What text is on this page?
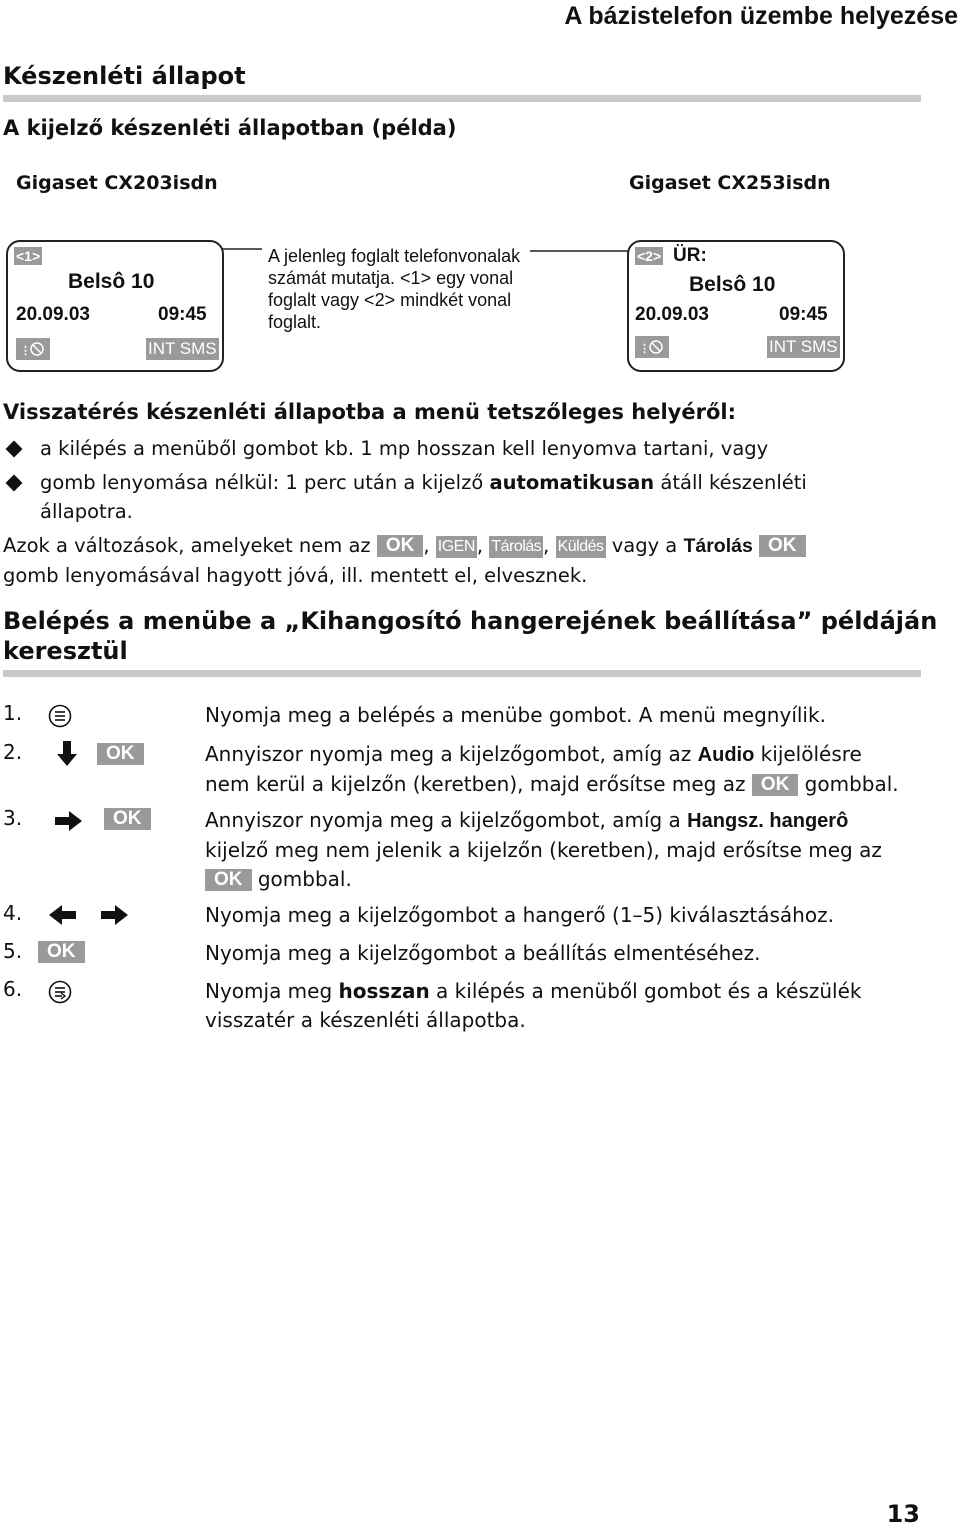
A bázistelefon üzembe helyezése
Készenléti állapot
A kijelző készenléti állapotban (példa)
Gigaset CX203isdn	Gigaset CX253isdn
<1>
Belsô 10
20.09.03	09:45
⋮	INT SMS
A jelenleg foglalt telefonvonalak
számát mutatja. <1> egy vonal
foglalt vagy <2> mindkét vonal
foglalt.
<2> ÜR:
Belsô 10
20.09.03	09:45
⋮	INT SMS
Visszatérés készenléti állapotba a menü tetszőleges helyéről:
a kilépés a menüből gombot kb. 1 mp hosszan kell lenyomva tartani, vagy
gomb lenyomása nélkül: 1 perc után a kijelző automatikusan átáll készenléti
állapotra.
Azok a változások, amelyeket nem az OK , IGEN , Tárolás , Küldés vagy a Tárolás OK
gomb lenyomásával hagyott jóvá, ill. mentett el, elvesznek.
Belépés a menübe a „Kihangosító hangerejének beállítása” példáján
keresztül
1.	Nyomja meg a belépés a menübe gombot. A menü megnyílik.
2.	OK	Annyiszor nyomja meg a kijelzőgombot, amíg az Audio kijelölésre
nem kerül a kijelzőn (keretben), majd erősítse meg az OK gombbal.
3.	OK	Annyiszor nyomja meg a kijelzőgombot, amíg a Hangsz. hangerô
kijelző meg nem jelenik a kijelzőn (keretben), majd erősítse meg az
OK gombbal.
4.	Nyomja meg a kijelzőgombot a hangerő (1–5) kiválasztásához.
5.	OK	Nyomja meg a kijelzőgombot a beállítás elmentéséhez.
6.	Nyomja meg hosszan a kilépés a menüből gombot és a készülék
visszatér a készenléti állapotba.
13
